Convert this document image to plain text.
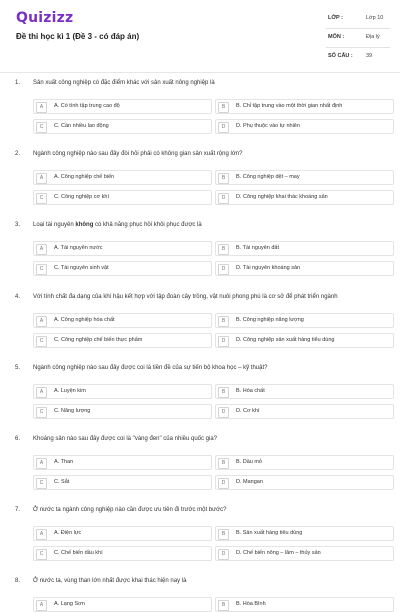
Quizizz
Đề thi học kì 1 (Đề 3 - có đáp án)
LỚP :	Lớp 10
MÔN :	Địa lý
SỐ CÂU : 39
1. Sản xuất công nghiệp có đặc điểm khác với sản xuất nông nghiệp là
A	A. Có tính tập trung cao độ	B	B. Chỉ tập trung vào một thời gian nhất định
C	C. Cần nhiều lao động	D	D. Phụ thuộc vào tự nhiên
2. Ngành công nghiệp nào sau đây đòi hỏi phải có không gian sản xuất rộng lớn?
A	A. Công nghiệp chế biến	B	B. Công nghiệp dệt – may
C	C. Công nghiệp cơ khí	D	D. Công nghiệp khai thác khoáng sản
3. Loại tài nguyên không có khả năng phục hồi khôi phục được là
A	A. Tài nguyên nước	B	B. Tài nguyên đất
C	C. Tài nguyên sinh vật	D	D. Tài nguyên khoáng sản
4. Với tính chất đa dạng của khí hậu kết hợp với tập đoàn cây trồng, vật nuôi phong phú là cơ sở để phát triển ngành
A	A. Công nghiệp hóa chất	B	B. Công nghiệp năng lượng
C	C. Công nghiệp chế biến thực phẩm	D	D. Công nghiệp sản xuất hàng tiêu dùng
5. Ngành công nghiệp nào sau đây được coi là tiền đề của sự tiến bộ khoa học – kỹ thuật?
A	A. Luyện kim	B	B. Hóa chất
C	C. Năng lượng	D	D. Cơ khí
6. Khoáng sản nào sau đây được coi là "vàng đen" của nhiều quốc gia?
A	A. Than	B	B. Dầu mỏ
C	C. Sắt	D	D. Mangan
7. Ở nước ta ngành công nghiệp nào cần được ưu tiên đi trước một bước?
A	A. Điện lực	B	B. Sản xuất hàng tiêu dùng
C	C. Chế biến dầu khí	D	D. Chế biến nông – lâm – thủy sản
8. Ở nước ta, vùng than lớn nhất được khai thác hiện nay là
A	A. Lạng Sơn	B	B. Hòa Bình
